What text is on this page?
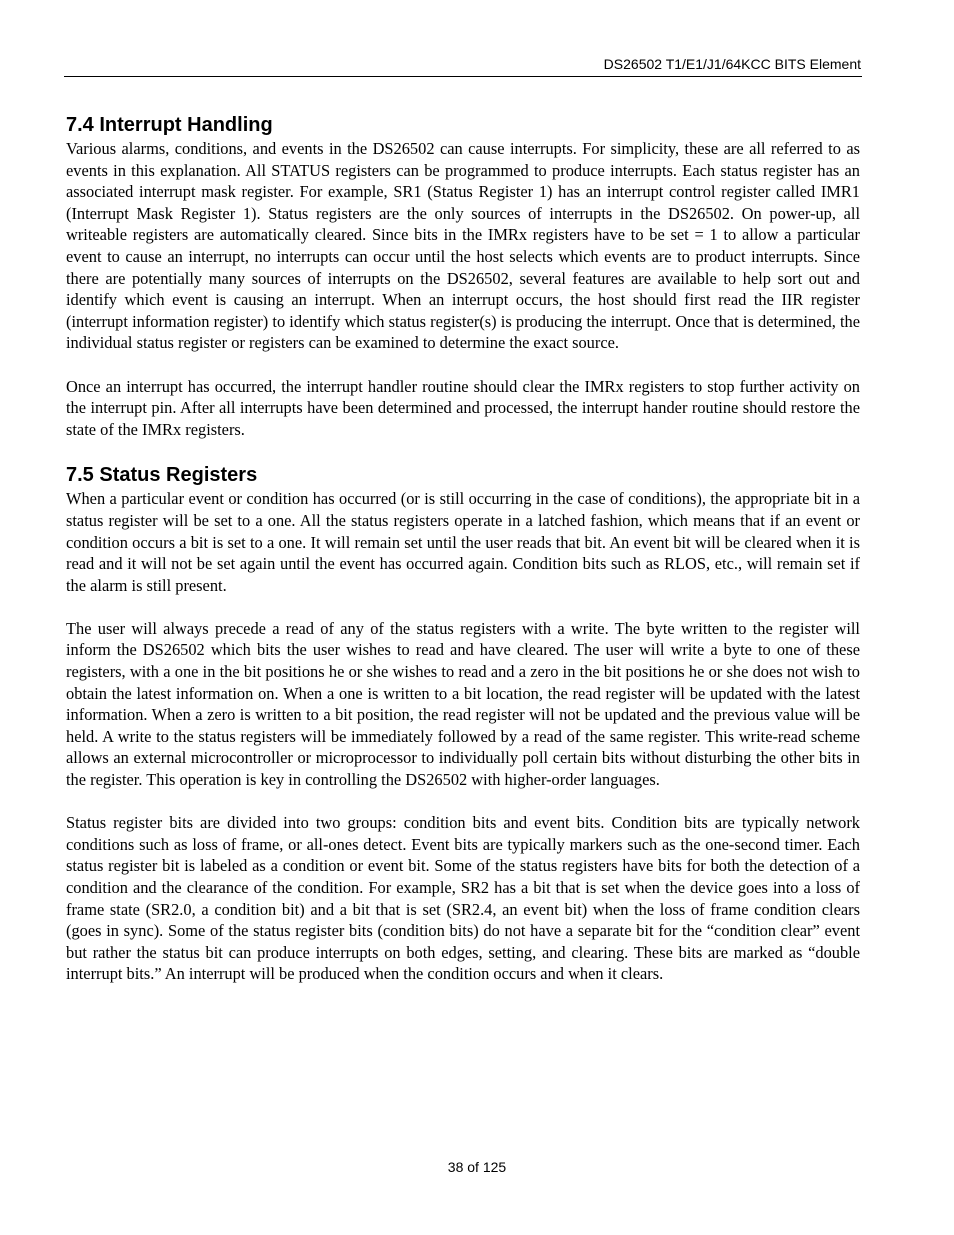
DS26502 T1/E1/J1/64KCC BITS Element
7.4 Interrupt Handling

Various alarms, conditions, and events in the DS26502 can cause interrupts. For simplicity, these are all referred to as events in this explanation. All STATUS registers can be programmed to produce interrupts. Each status register has an associated interrupt mask register. For example, SR1 (Status Register 1) has an interrupt control register called IMR1 (Interrupt Mask Register 1). Status registers are the only sources of interrupts in the DS26502. On power-up, all writeable registers are automatically cleared. Since bits in the IMRx registers have to be set = 1 to allow a particular event to cause an interrupt, no interrupts can occur until the host selects which events are to product interrupts. Since there are potentially many sources of interrupts on the DS26502, several features are available to help sort out and identify which event is causing an interrupt. When an interrupt occurs, the host should first read the IIR register (interrupt information register) to identify which status register(s) is producing the interrupt. Once that is determined, the individual status register or registers can be examined to determine the exact source.

Once an interrupt has occurred, the interrupt handler routine should clear the IMRx registers to stop further activity on the interrupt pin. After all interrupts have been determined and processed, the interrupt hander routine should restore the state of the IMRx registers.

7.5 Status Registers

When a particular event or condition has occurred (or is still occurring in the case of conditions), the appropriate bit in a status register will be set to a one. All the status registers operate in a latched fashion, which means that if an event or condition occurs a bit is set to a one. It will remain set until the user reads that bit. An event bit will be cleared when it is read and it will not be set again until the event has occurred again. Condition bits such as RLOS, etc., will remain set if the alarm is still present.

The user will always precede a read of any of the status registers with a write. The byte written to the register will inform the DS26502 which bits the user wishes to read and have cleared. The user will write a byte to one of these registers, with a one in the bit positions he or she wishes to read and a zero in the bit positions he or she does not wish to obtain the latest information on. When a one is written to a bit location, the read register will be updated with the latest information. When a zero is written to a bit position, the read register will not be updated and the previous value will be held. A write to the status registers will be immediately followed by a read of the same register. This write-read scheme allows an external microcontroller or microprocessor to individually poll certain bits without disturbing the other bits in the register. This operation is key in controlling the DS26502 with higher-order languages.

Status register bits are divided into two groups: condition bits and event bits. Condition bits are typically network conditions such as loss of frame, or all-ones detect. Event bits are typically markers such as the one-second timer. Each status register bit is labeled as a condition or event bit. Some of the status registers have bits for both the detection of a condition and the clearance of the condition. For example, SR2 has a bit that is set when the device goes into a loss of frame state (SR2.0, a condition bit) and a bit that is set (SR2.4, an event bit) when the loss of frame condition clears (goes in sync). Some of the status register bits (condition bits) do not have a separate bit for the “condition clear” event but rather the status bit can produce interrupts on both edges, setting, and clearing. These bits are marked as “double interrupt bits.” An interrupt will be produced when the condition occurs and when it clears.

38 of 125
